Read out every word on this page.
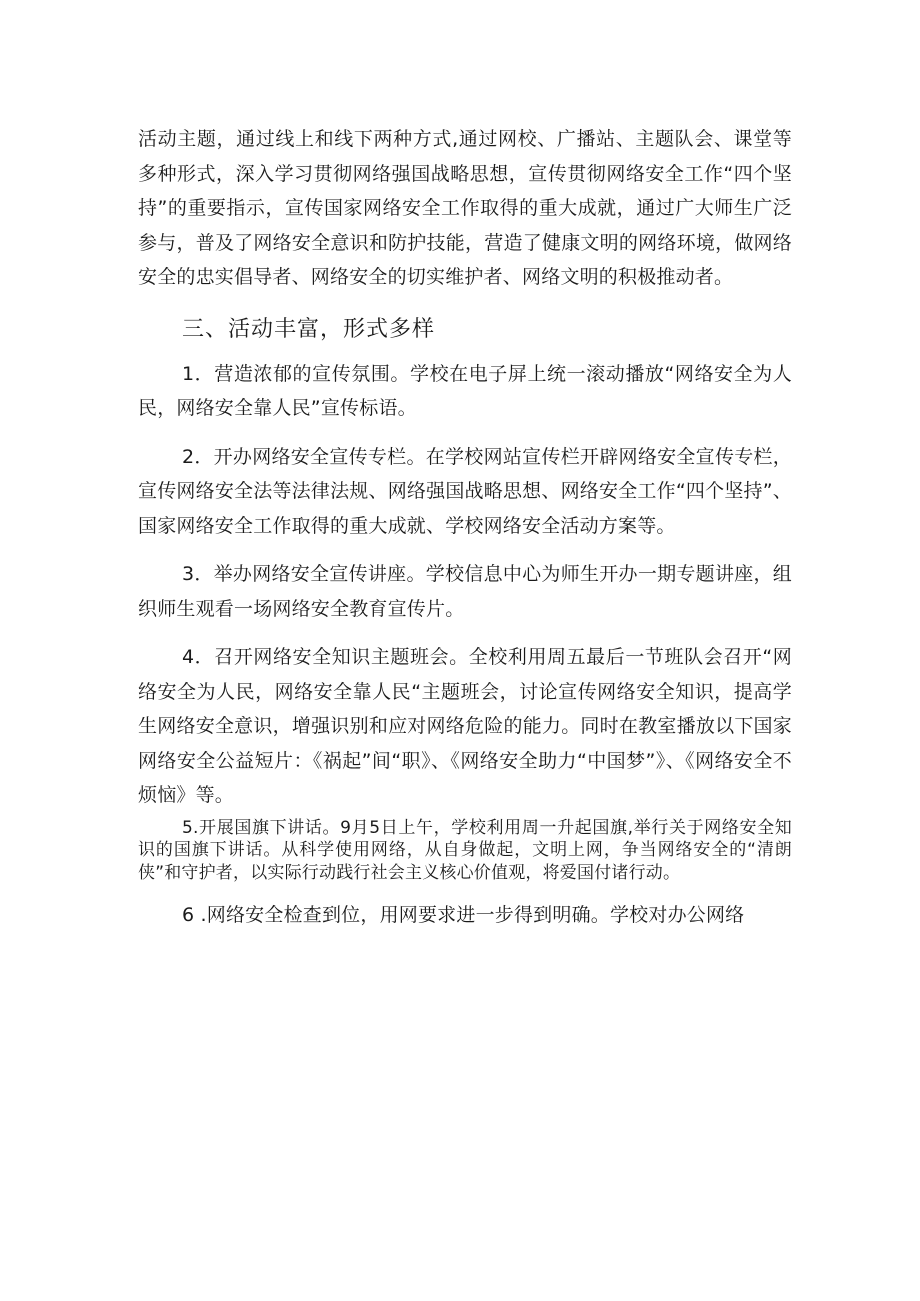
活动主题，通过线上和线下两种方式,通过网校、广播站、主题队会、课堂等多种形式，深入学习贯彻网络强国战略思想，宣传贯彻网络安全工作“四个坚持”的重要指示，宣传国家网络安全工作取得的重大成就，通过广大师生广泛参与，普及了网络安全意识和防护技能，营造了健康文明的网络环境，做网络安全的忠实倡导者、网络安全的切实维护者、网络文明的积极推动者。

三、活动丰富，形式多样

1．营造浓郁的宣传氛围。学校在电子屏上统一滚动播放“网络安全为人民，网络安全靠人民”宣传标语。

2．开办网络安全宣传专栏。在学校网站宣传栏开辟网络安全宣传专栏，宣传网络安全法等法律法规、网络强国战略思想、网络安全工作“四个坚持”、国家网络安全工作取得的重大成就、学校网络安全活动方案等。

3．举办网络安全宣传讲座。学校信息中心为师生开办一期专题讲座，组织师生观看一场网络安全教育宣传片。

4．召开网络安全知识主题班会。全校利用周五最后一节班队会召开“网络安全为人民，网络安全靠人民“主题班会，讨论宣传网络安全知识，提高学生网络安全意识，增强识别和应对网络危险的能力。同时在教室播放以下国家网络安全公益短片：《祸起”间“职》、《网络安全助力“中国梦”》、《网络安全不烦恼》等。

5.开展国旗下讲话。9月5日上午，学校利用周一升起国旗,举行关于网络安全知识的国旗下讲话。从科学使用网络，从自身做起，文明上网，争当网络安全的“清朗侠”和守护者，以实际行动践行社会主义核心价值观，将爱国付诸行动。

6 .网络安全检查到位，用网要求进一步得到明确。学校对办公网络
